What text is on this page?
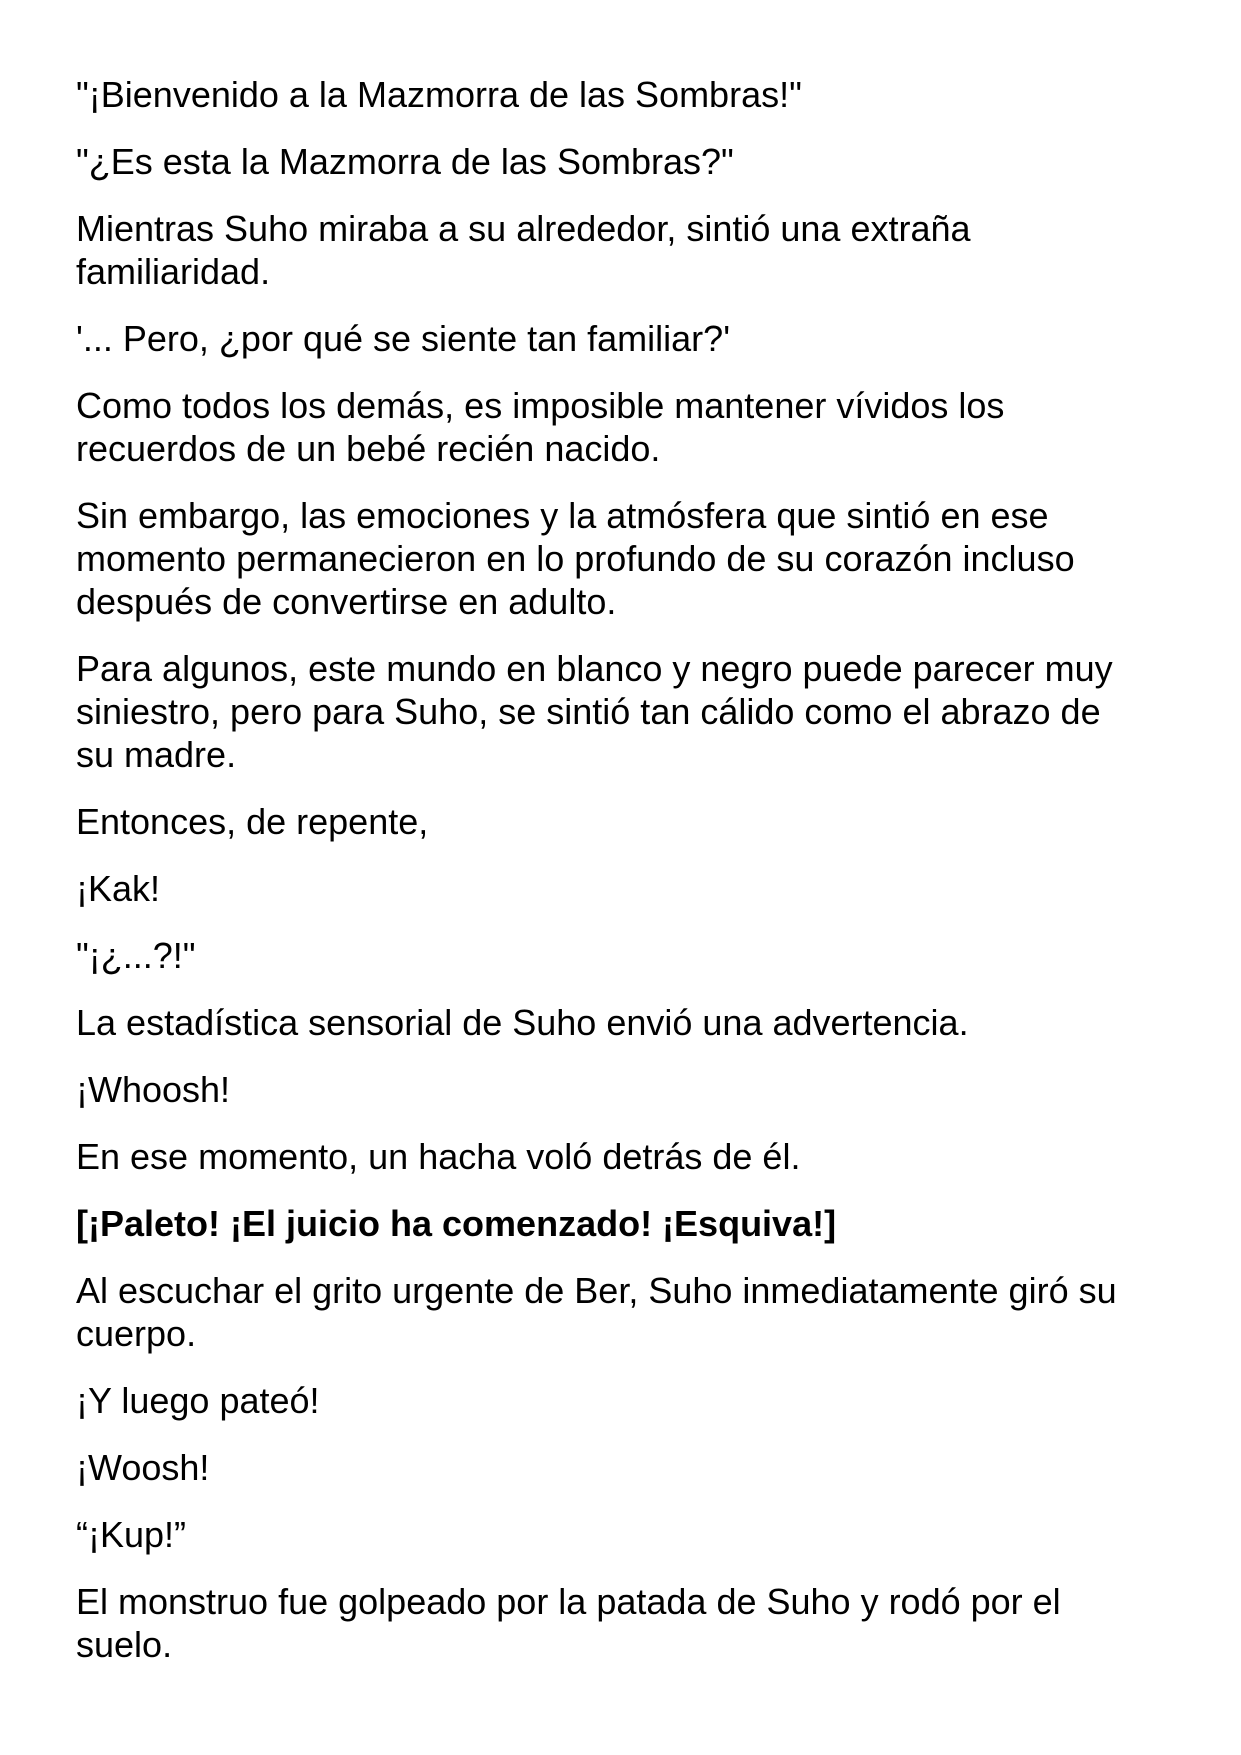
"¡Bienvenido a la Mazmorra de las Sombras!"

"¿Es esta la Mazmorra de las Sombras?"

Mientras Suho miraba a su alrededor, sintió una extraña
familiaridad.

'... Pero, ¿por qué se siente tan familiar?'

Como todos los demás, es imposible mantener vívidos los
recuerdos de un bebé recién nacido.

Sin embargo, las emociones y la atmósfera que sintió en ese
momento permanecieron en lo profundo de su corazón incluso
después de convertirse en adulto.

Para algunos, este mundo en blanco y negro puede parecer muy
siniestro, pero para Suho, se sintió tan cálido como el abrazo de
su madre.

Entonces, de repente,

¡Kak!

"¡¿...?!"

La estadística sensorial de Suho envió una advertencia.

¡Whoosh!

En ese momento, un hacha voló detrás de él.

[¡Paleto! ¡El juicio ha comenzado! ¡Esquiva!]

Al escuchar el grito urgente de Ber, Suho inmediatamente giró su
cuerpo.

¡Y luego pateó!

¡Woosh!

“¡Kup!”

El monstruo fue golpeado por la patada de Suho y rodó por el
suelo.
